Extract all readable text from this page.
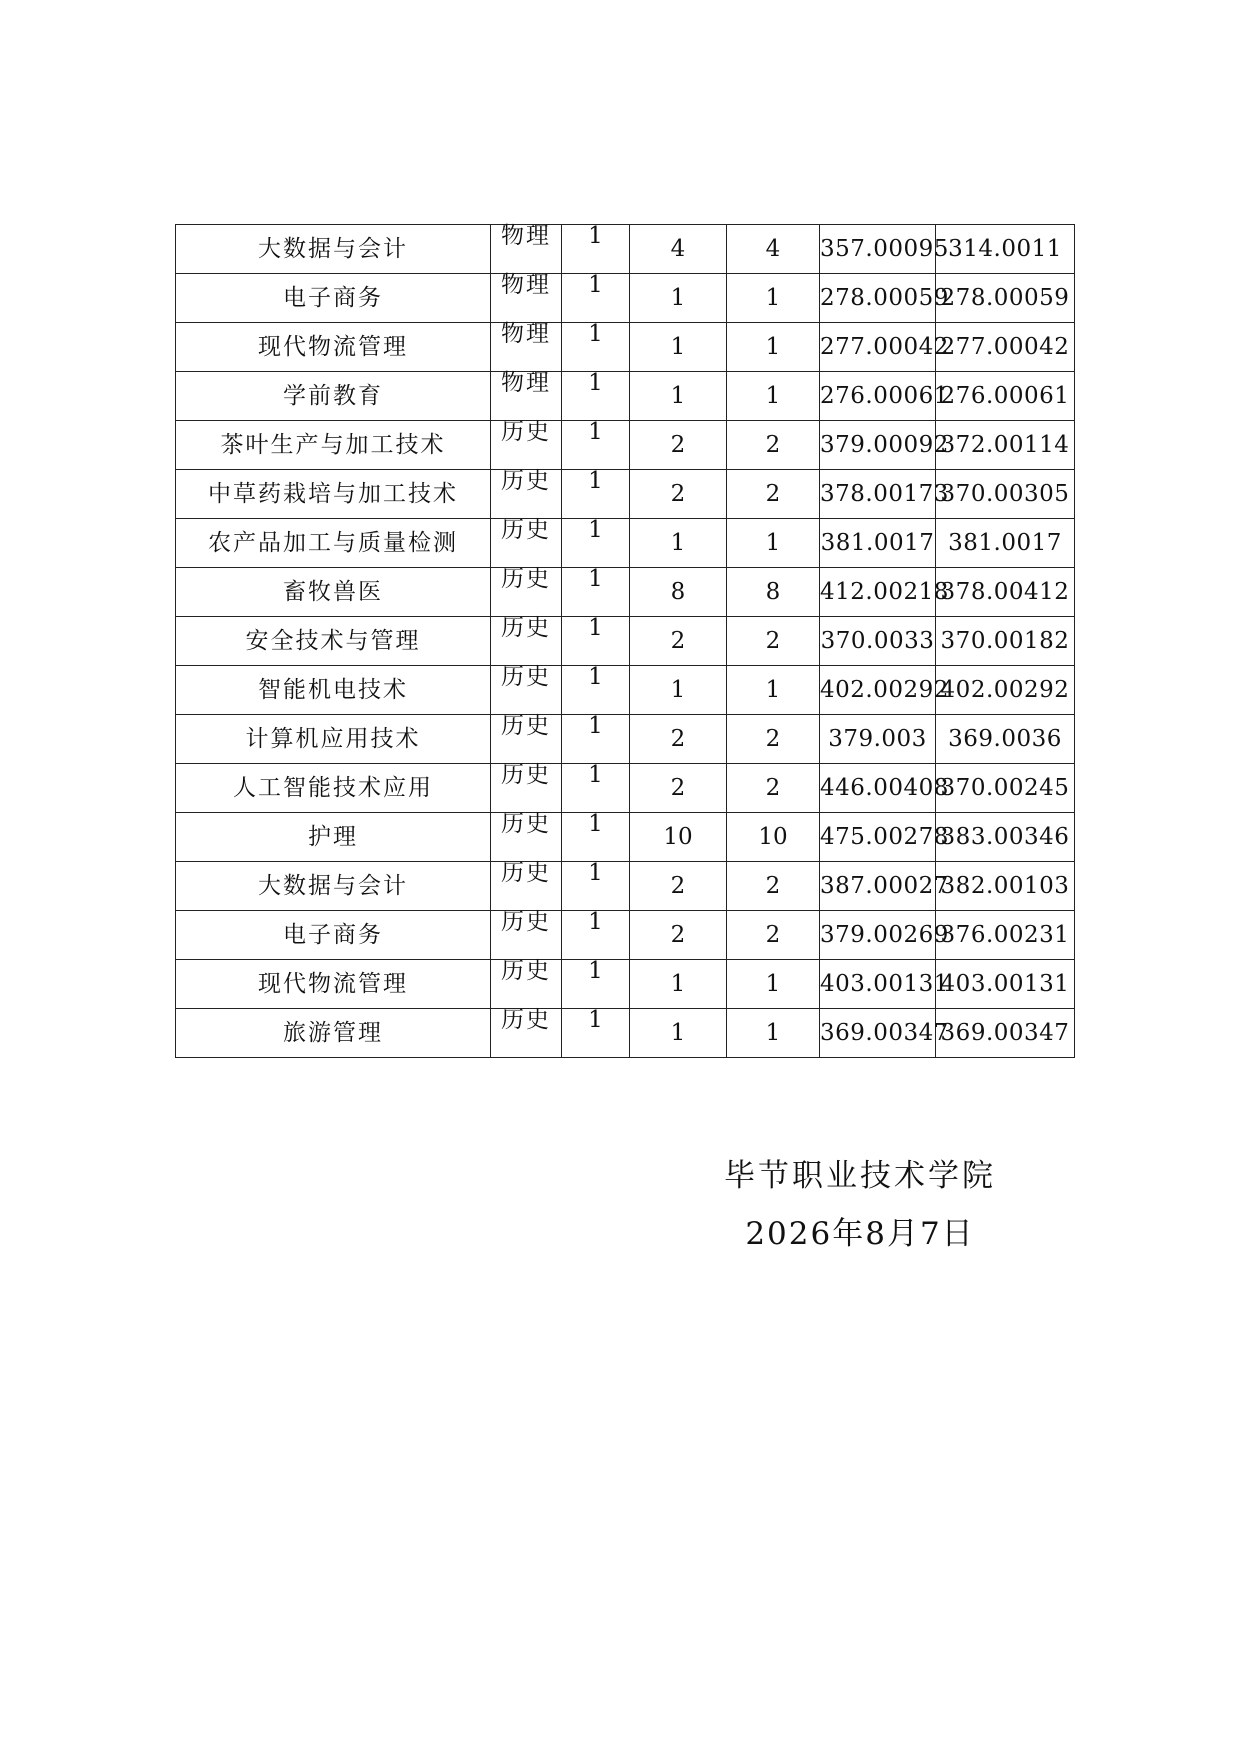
大数据与会计	物理	1	4	4	357.00095	314.0011
电子商务	物理	1	1	1	278.00059	278.00059
现代物流管理	物理	1	1	1	277.00042	277.00042
学前教育	物理	1	1	1	276.00061	276.00061
茶叶生产与加工技术	历史	1	2	2	379.00092	372.00114
中草药栽培与加工技术	历史	1	2	2	378.00173	370.00305
农产品加工与质量检测	历史	1	1	1	381.0017	381.0017
畜牧兽医	历史	1	8	8	412.00218	378.00412
安全技术与管理	历史	1	2	2	370.0033	370.00182
智能机电技术	历史	1	1	1	402.00292	402.00292
计算机应用技术	历史	1	2	2	379.003	369.0036
人工智能技术应用	历史	1	2	2	446.00408	370.00245
护理	历史	1	10	10	475.00278	383.00346
大数据与会计	历史	1	2	2	387.00027	382.00103
电子商务	历史	1	2	2	379.00269	376.00231
现代物流管理	历史	1	1	1	403.00131	403.00131
旅游管理	历史	1	1	1	369.00347	369.00347
毕节职业技术学院
2026年8月7日
